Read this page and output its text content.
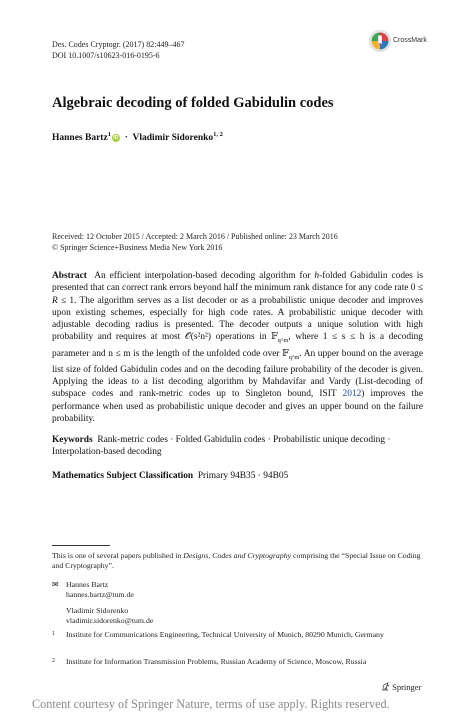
Des. Codes Cryptogr. (2017) 82:449–467
DOI 10.1007/s10623-016-0195-6
CrossMark
Algebraic decoding of folded Gabidulin codes
Hannes Bartz$^1$iD · Vladimir Sidorenko$^{1, 2}$
Received: 12 October 2015 / Accepted: 2 March 2016 / Published online: 23 March 2016
© Springer Science+Business Media New York 2016
Abstract An efficient interpolation-based decoding algorithm for h-folded Gabidulin codes is presented that can correct rank errors beyond half the minimum rank distance for any code rate 0 ≤ R ≤ 1. The algorithm serves as a list decoder or as a probabilistic unique decoder and improves upon existing schemes, especially for high code rates. A probabilistic unique decoder with adjustable decoding radius is presented. The decoder outputs a unique solution with high probability and requires at most 𝒪(s²n²) operations in 𝔽$_{q\^{}m}$, where 1 ≤ s ≤ h is a decoding parameter and n ≤ m is the length of the unfolded code over 𝔽$_{q\^{}m}$. An upper bound on the average list size of folded Gabidulin codes and on the decoding failure probability of the decoder is given. Applying the ideas to a list decoding algorithm by Mahdavifar and Vardy (List-decoding of subspace codes and rank-metric codes up to Singleton bound, ISIT 2012) improves the performance when used as probabilistic unique decoder and gives an upper bound on the failure probability.
Keywords Rank-metric codes · Folded Gabidulin codes · Probabilistic unique decoding · Interpolation-based decoding
Mathematics Subject Classification Primary 94B35 · 94B05
This is one of several papers published in Designs, Codes and Cryptography comprising the “Special Issue on Coding and Cryptography”.
✉ Hannes Bartz
hannes.bartz@tum.de
Vladimir Sidorenko
vladimir.sidorenko@tum.de
1 Institute for Communications Engineering, Technical University of Munich, 80290 Munich, Germany
2 Institute for Information Transmission Problems, Russian Academy of Science, Moscow, Russia
Springer
Content courtesy of Springer Nature, terms of use apply. Rights reserved.
